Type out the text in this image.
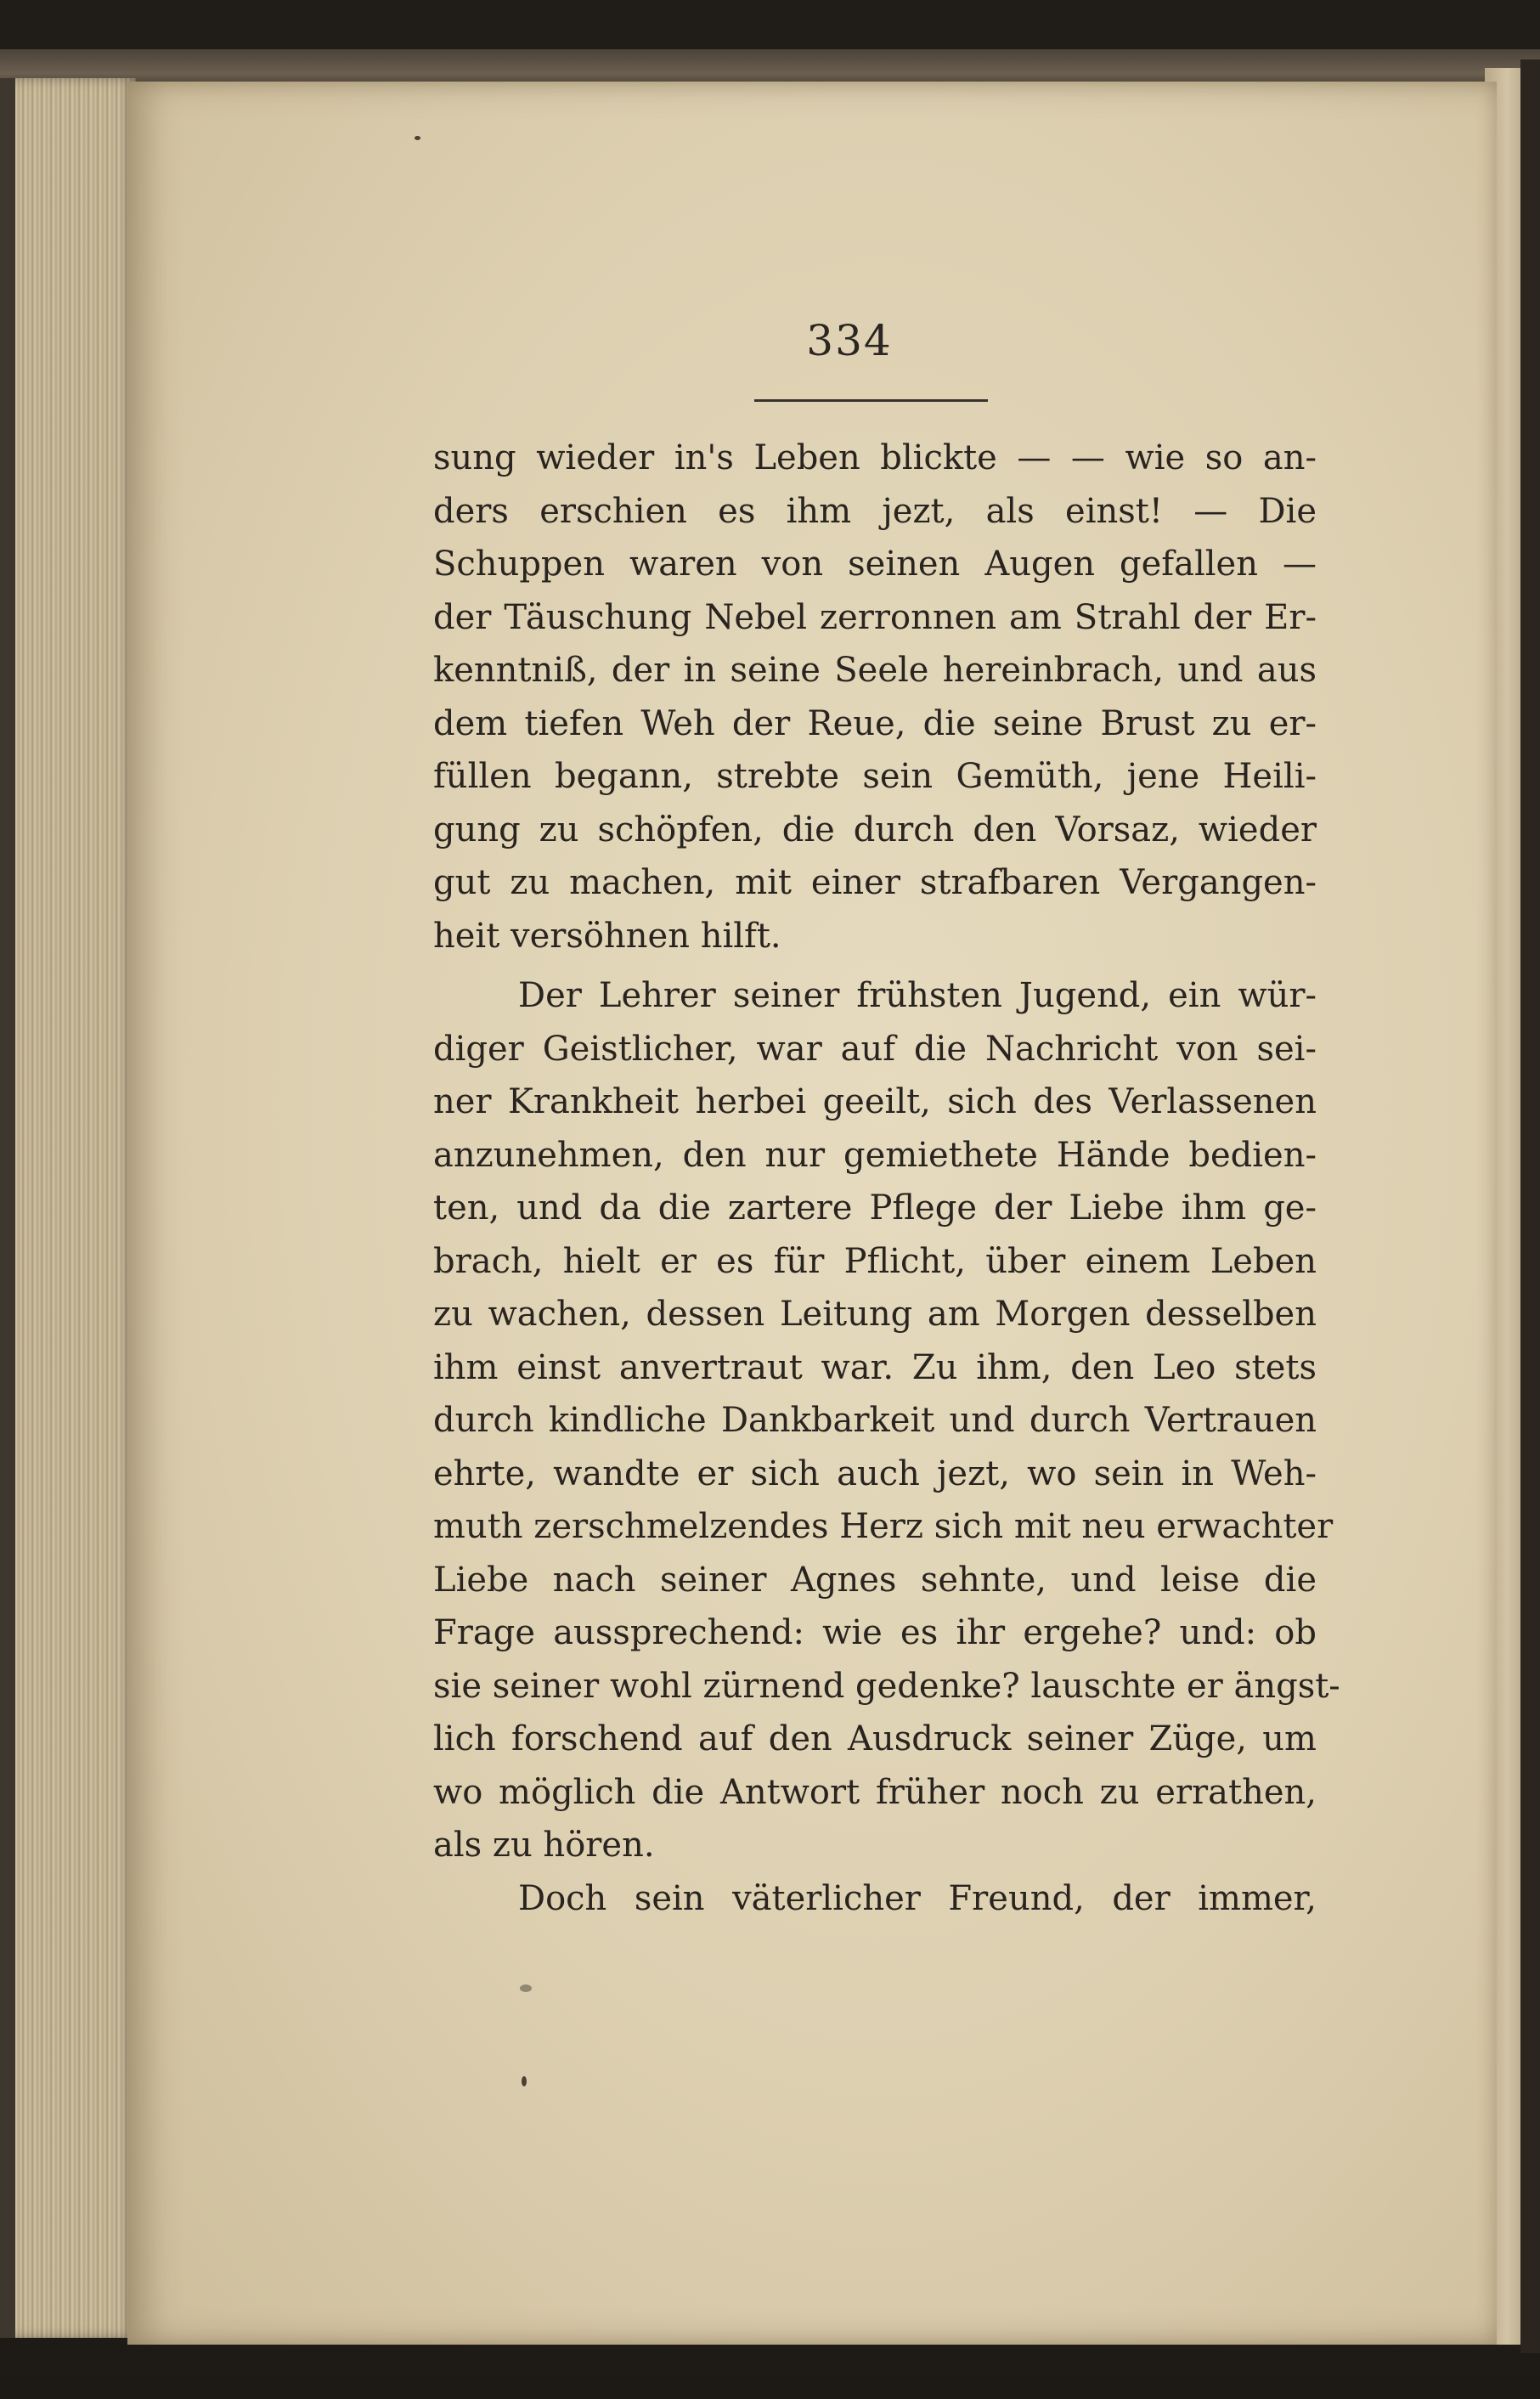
334
sung wieder in's Leben blickte — — wie so an-
ders erschien es ihm jezt, als einst! — Die
Schuppen waren von seinen Augen gefallen —
der Täuschung Nebel zerronnen am Strahl der Er-
kenntniß, der in seine Seele hereinbrach, und aus
dem tiefen Weh der Reue, die seine Brust zu er-
füllen begann, strebte sein Gemüth, jene Heili-
gung zu schöpfen, die durch den Vorsaz, wieder
gut zu machen, mit einer strafbaren Vergangen-
heit versöhnen hilft.
Der Lehrer seiner frühsten Jugend, ein wür-
diger Geistlicher, war auf die Nachricht von sei-
ner Krankheit herbei geeilt, sich des Verlassenen
anzunehmen, den nur gemiethete Hände bedien-
ten, und da die zartere Pflege der Liebe ihm ge-
brach, hielt er es für Pflicht, über einem Leben
zu wachen, dessen Leitung am Morgen desselben
ihm einst anvertraut war. Zu ihm, den Leo stets
durch kindliche Dankbarkeit und durch Vertrauen
ehrte, wandte er sich auch jezt, wo sein in Weh-
muth zerschmelzendes Herz sich mit neu erwachter
Liebe nach seiner Agnes sehnte, und leise die
Frage aussprechend: wie es ihr ergehe? und: ob
sie seiner wohl zürnend gedenke? lauschte er ängst-
lich forschend auf den Ausdruck seiner Züge, um
wo möglich die Antwort früher noch zu errathen,
als zu hören.
Doch sein väterlicher Freund, der immer,
